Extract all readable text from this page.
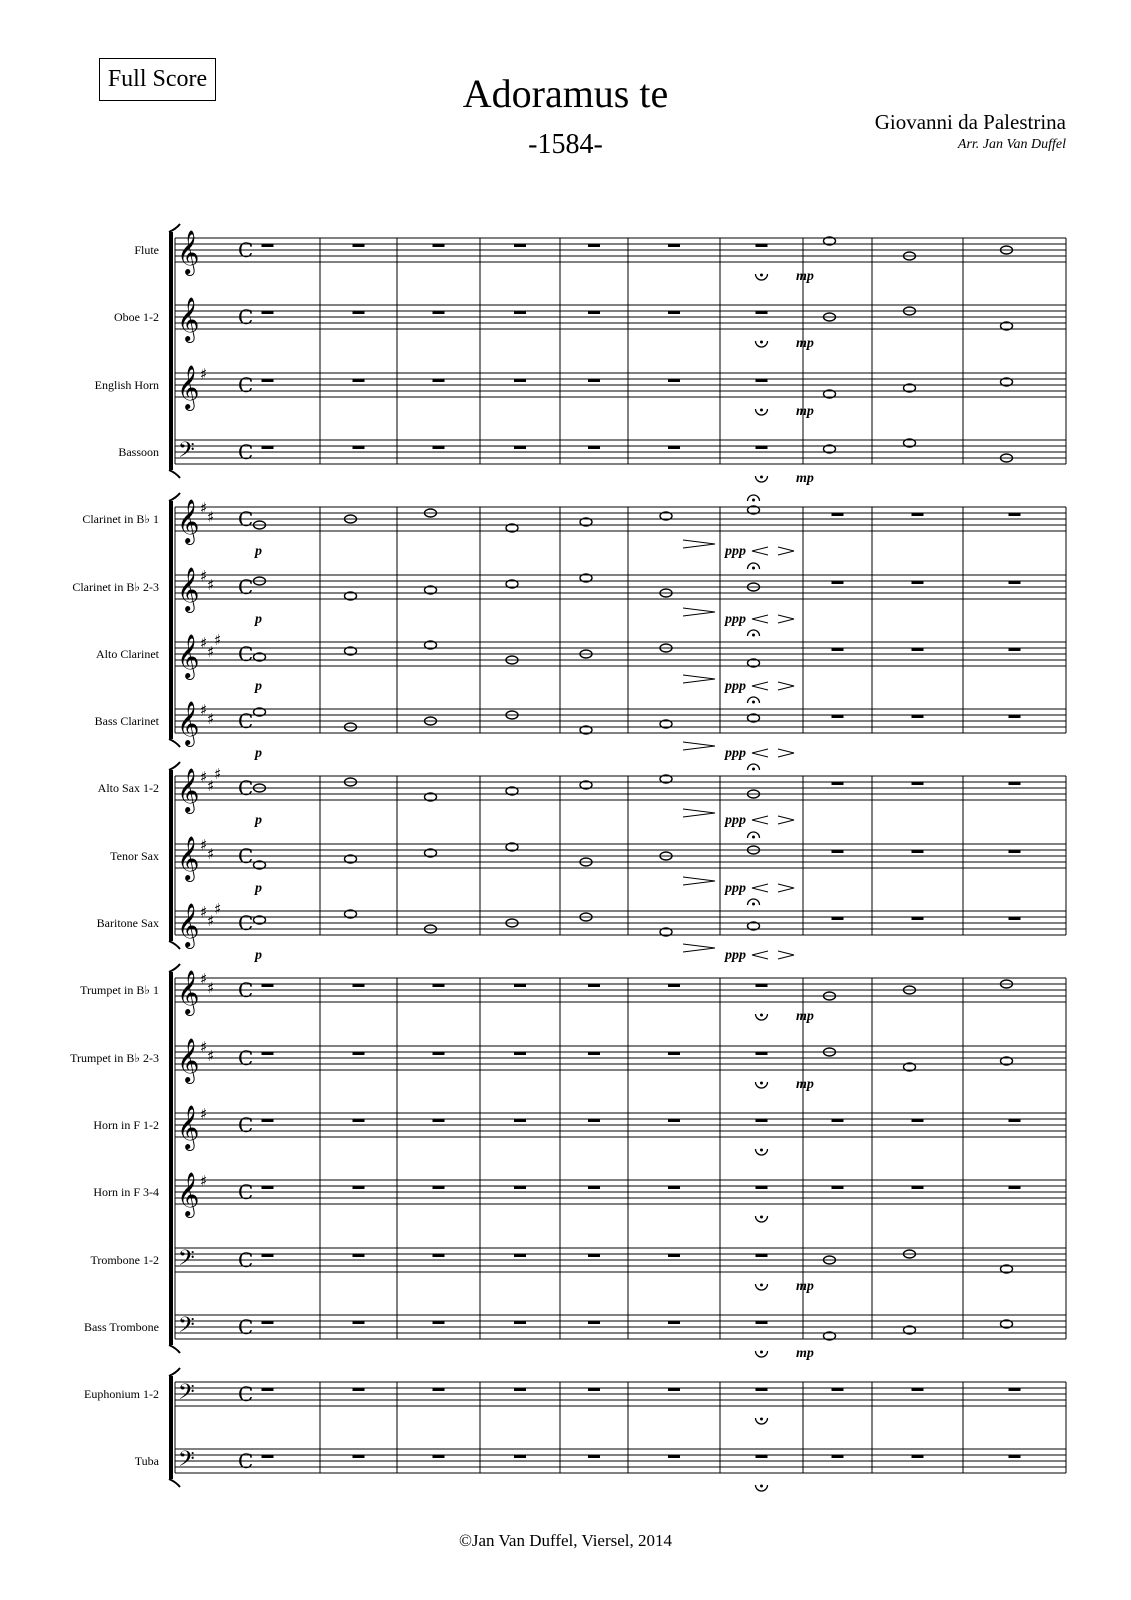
Full Score	Adoramus te
-1584-
Giovanni da Palestrina
Arr. Jan Van Duffel
Flute
Oboe 1-2
English Horn
Bassoon
Clarinet in B♭ 1
Clarinet in B♭ 2-3
Alto Clarinet
Bass Clarinet
Alto Sax 1-2
Tenor Sax
Baritone Sax
Trumpet in B♭ 1
Trumpet in B♭ 2-3
Horn in F 1-2
Horn in F 3-4
Trombone 1-2
Bass Trombone
Euphonium 1-2
Tuba
𝄞 C
mp
𝄞 C
mp
𝄞 ♯ C
mp
𝄢 C
mp
𝄞 ♯ ♯ C
p	ppp
𝄞 ♯ ♯ C
p	ppp
𝄞 ♯ ♯
♯
C
p	ppp
𝄞 ♯ ♯ C
p	ppp
𝄞 ♯ ♯
♯
C
p	ppp
𝄞 ♯ ♯ C
p	ppp
𝄞 ♯ ♯
♯
C
p	ppp
𝄞 ♯ ♯ C
mp
𝄞 ♯ ♯ C
mp
𝄞 ♯ C
𝄞 ♯ C
𝄢 C
mp
𝄢 C
mp
𝄢 C
𝄢 C
©Jan Van Duffel, Viersel, 2014
